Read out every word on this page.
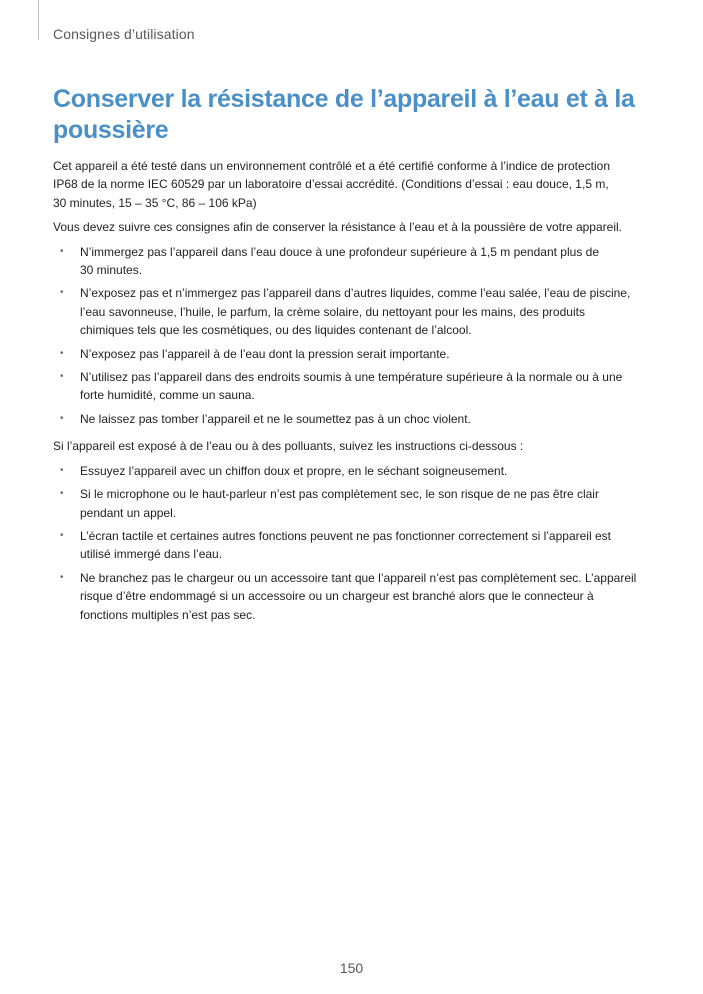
Consignes d’utilisation
Conserver la résistance de l’appareil à l’eau et à la poussière

Cet appareil a été testé dans un environnement contrôlé et a été certifié conforme à l’indice de protection
IP68 de la norme IEC 60529 par un laboratoire d’essai accrédité. (Conditions d’essai : eau douce, 1,5 m,
30 minutes, 15 – 35 °C, 86 – 106 kPa)

Vous devez suivre ces consignes afin de conserver la résistance à l’eau et à la poussière de votre appareil.

• N’immergez pas l’appareil dans l’eau douce à une profondeur supérieure à 1,5 m pendant plus de
30 minutes.
• N’exposez pas et n’immergez pas l’appareil dans d’autres liquides, comme l’eau salée, l’eau de piscine,
l’eau savonneuse, l’huile, le parfum, la crème solaire, du nettoyant pour les mains, des produits
chimiques tels que les cosmétiques, ou des liquides contenant de l’alcool.
• N’exposez pas l’appareil à de l’eau dont la pression serait importante.
• N’utilisez pas l’appareil dans des endroits soumis à une température supérieure à la normale ou à une
forte humidité, comme un sauna.
• Ne laissez pas tomber l’appareil et ne le soumettez pas à un choc violent.

Si l’appareil est exposé à de l’eau ou à des polluants, suivez les instructions ci-dessous :

• Essuyez l’appareil avec un chiffon doux et propre, en le séchant soigneusement.
• Si le microphone ou le haut-parleur n’est pas complètement sec, le son risque de ne pas être clair
pendant un appel.
• L’écran tactile et certaines autres fonctions peuvent ne pas fonctionner correctement si l’appareil est
utilisé immergé dans l’eau.
• Ne branchez pas le chargeur ou un accessoire tant que l’appareil n’est pas complètement sec. L’appareil
risque d’être endommagé si un accessoire ou un chargeur est branché alors que le connecteur à
fonctions multiples n’est pas sec.
150
